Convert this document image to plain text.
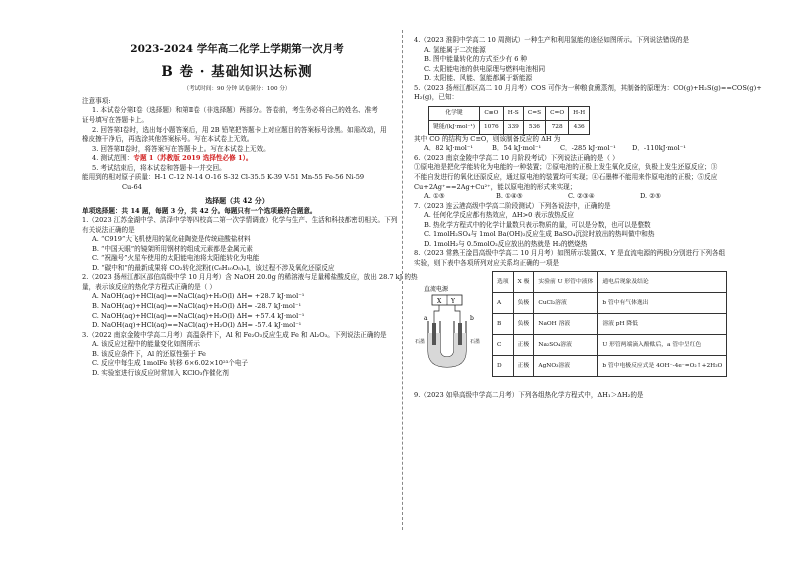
2023-2024 学年高二化学上学期第一次月考
B 卷 · 基础知识达标测
（考试时间：90 分钟 试卷满分：100 分）

注意事项:

1. 本试卷分第Ⅰ卷（选择题）和第Ⅱ卷（非选择题）两部分。答卷前，考生务必将自己的姓名、准考

证号填写在答题卡上。

2. 回答第Ⅰ卷时，选出每小题答案后，用 2B 铅笔把答题卡上对应题目的答案标号涂黑。如需改动，用

橡皮擦干净后，再选涂其他答案标号。写在本试卷上无效。

3. 回答第Ⅱ卷时，将答案写在答题卡上。写在本试卷上无效。

4. 测试范围：专题 1（苏教版 2019 选择性必修 1）。

5. 考试结束后，将本试卷和答题卡一并交回。

能用到的相对原子质量：H-1 C-12 N-14 O-16 S-32 Cl-35.5 K-39 V-51 Mn-55 Fe-56 Ni-59

Cu-64

选择题（共 42 分）

单项选择题：共 14 题，每题 3 分，共 42 分。每题只有一个选项最符合题意。

1.（2023 江苏金湖中学、洪泽中学等四校高二第一次学情调查）化学与生产、生活和科技都密切相关。下列

有关说法正确的是

A. “C919”大飞机使用的氮化硅陶瓷是传统硅酸盐材料

B. “中国天眼”的镜架所用钢材的组成元素都是金属元素

C. “祝融号”火星车使用的太阳能电池将太阳能转化为电能

D. “碳中和”的最新成果将 CO₂转化淀粉[(C₆H₁₀O₅)ₙ]，该过程不涉及氧化还原反应

2.（2023 扬州江都区邵伯高级中学 10 月月考）含 NaOH 20.0g 的稀溶液与足量稀盐酸反应，放出 28.7 kJ 的热

量，表示该反应的热化学方程式正确的是（ ）

A. NaOH(aq)+HCl(aq)==NaCl(aq)+H₂O(l) ΔH= +28.7 kJ·mol⁻¹

B. NaOH(aq)+HCl(aq)==NaCl(aq)+H₂O(l) ΔH= -28.7 kJ·mol⁻¹

C. NaOH(aq)+HCl(aq)==NaCl(aq)+H₂O(l) ΔH= +57.4 kJ·mol⁻¹

D. NaOH(aq)+HCl(aq)==NaCl(aq)+H₂O(l) ΔH= -57.4 kJ·mol⁻¹

3.（2022 南京金陵中学高二月考）高温条件下，Al 和 Fe₂O₃反应生成 Fe 和 Al₂O₃。下列说法正确的是

A. 该反应过程中的能量变化如图所示

B. 该反应条件下，Al 的还原性强于 Fe

C. 反应中每生成 1molFe 转移 6×6.02×10²³个电子

D. 实验室进行该反应时常加入 KClO₃作催化剂

4.（2023 淮阴中学高二 10 周测试）一种生产和利用氢能的途径如图所示。下列说法错误的是

A. 氢能属于二次能源

B. 图中能量转化的方式至少有 6 种

C. 太阳能电池的供电原理与燃料电池相同

D. 太阳能、风能、氢能都属于新能源

5.（2023 扬州江都区高二 10 月月考）COS 可作为一种粮食熏蒸剂，其制备的原理为：CO(g)+H₂S(g)==COS(g)+

H₂(g)，已知：

化学键	C≡O	H-S	C=S	C=O	H-H
键能/(kJ·mol⁻¹)	1076	339	536	728	436

其中 CO 的结构为 C≡O，则该制备反应的 ΔH 为

A．82 kJ·mol⁻¹	B．54 kJ·mol⁻¹	C．-285 kJ·mol⁻¹ D．-110kJ·mol⁻¹

6.（2023 南京金陵中学高二 10 月阶段考试）下列说法正确的是（ ）

①原电池是把化学能转化为电能的一种装置；②原电池的正极上发生氧化反应，负极上发生还原反应；③

不能自发进行的氧化还原反应，通过原电池的装置均可实现；④石墨棒不能用来作原电池的正极；⑤反应

Cu+2Ag⁺==2Ag+Cu²⁺，能以原电池的形式来实现；

A. ①⑤	B. ①④⑤	C. ②③④	D. ②⑤

7.（2023 连云港高级中学高二阶段测试）下列各说法中，正确的是

A. 任何化学反应都有热效应，ΔH>0 表示放热反应

B. 热化学方程式中的化学计量数只表示物质的量，可以是分数，也可以是整数

C. 1molH₂SO₄与 1mol Ba(OH)₂反应生成 BaSO₄沉淀时放出的热叫做中和热

D. 1molH₂与 0.5molO₂反应放出的热就是 H₂的燃烧热

8.（2023 常熟王淦昌高级中学高二 10 月月考）如图所示装置(X、Y 是直流电源的两极)分别进行下列各组

实验，则下表中各项所列对应关系均正确的一项是

直流电源
X Y
a	b
石墨	石墨
选项	X 极	实验前 U 形管中液体	通电后现象及结论
A	负极	CuCl₂溶液	b 管中有气体逸出
B	负极	NaOH 溶液	溶液 pH 降低
C	正极	Na₂SO₄溶液	U 形管两端滴入酚酞后，a 管中呈红色
D	正极	AgNO₃溶液	b 管中电极反应式是 4OH⁻-4e⁻=O₂↑+2H₂O

9.（2023 如皋高级中学高二月考）下列各组热化学方程式中，ΔH₁＞ΔH₂的是
